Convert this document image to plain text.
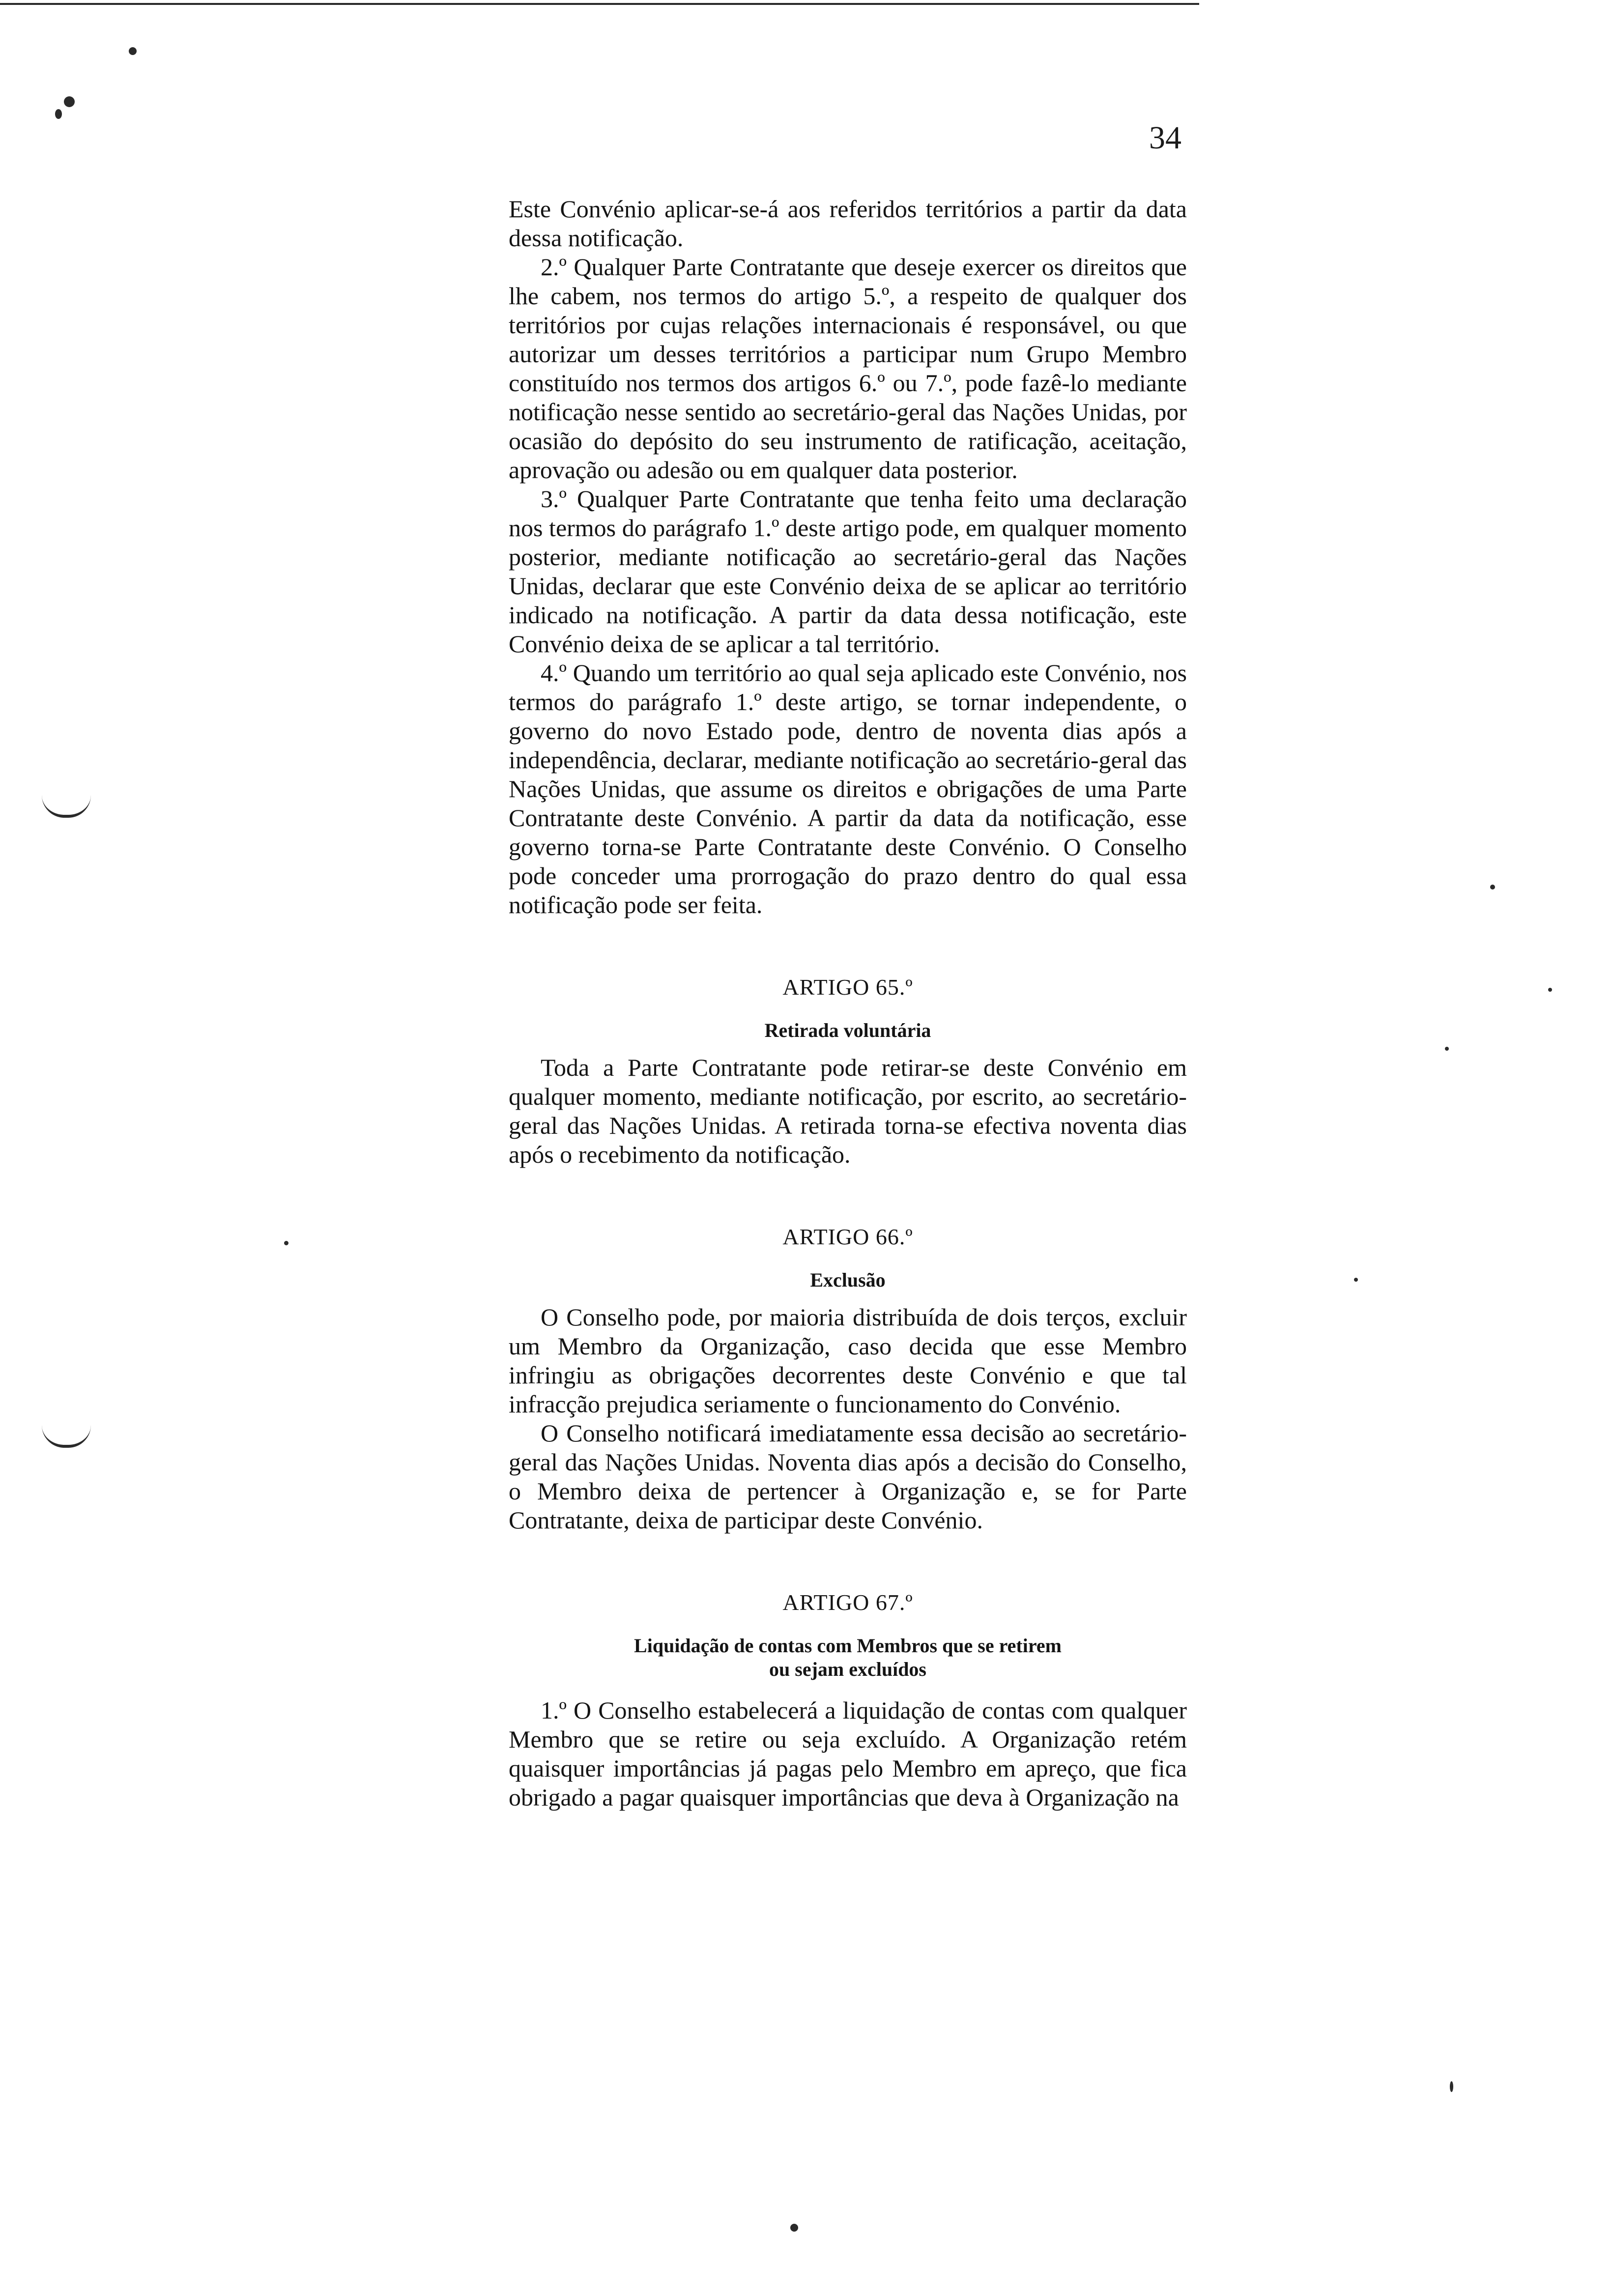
34

Este Convénio aplicar-se-á aos referidos territórios a partir da data dessa notificação.

2.º Qualquer Parte Contratante que deseje exercer os direitos que lhe cabem, nos termos do artigo 5.º, a respeito de qualquer dos territórios por cujas relações internacionais é responsável, ou que autorizar um desses territórios a participar num Grupo Membro constituído nos termos dos artigos 6.º ou 7.º, pode fazê-lo mediante notificação nesse sentido ao secretário-geral das Nações Unidas, por ocasião do depósito do seu instrumento de ratificação, aceitação, aprovação ou adesão ou em qualquer data posterior.

3.º Qualquer Parte Contratante que tenha feito uma declaração nos termos do parágrafo 1.º deste artigo pode, em qualquer momento posterior, mediante notificação ao secretário-geral das Nações Unidas, declarar que este Convénio deixa de se aplicar ao território indicado na notificação. A partir da data dessa notificação, este Convénio deixa de se aplicar a tal território.

4.º Quando um território ao qual seja aplicado este Convénio, nos termos do parágrafo 1.º deste artigo, se tornar independente, o governo do novo Estado pode, dentro de noventa dias após a independência, declarar, mediante notificação ao secretário-geral das Nações Unidas, que assume os direitos e obrigações de uma Parte Contratante deste Convénio. A partir da data da notificação, esse governo torna-se Parte Contratante deste Convénio. O Conselho pode conceder uma prorrogação do prazo dentro do qual essa notificação pode ser feita.

ARTIGO 65.º
Retirada voluntária

Toda a Parte Contratante pode retirar-se deste Convénio em qualquer momento, mediante notificação, por escrito, ao secretário-geral das Nações Unidas. A retirada torna-se efectiva noventa dias após o recebimento da notificação.

ARTIGO 66.º
Exclusão

O Conselho pode, por maioria distribuída de dois terços, excluir um Membro da Organização, caso decida que esse Membro infringiu as obrigações decorrentes deste Convénio e que tal infracção prejudica seriamente o funcionamento do Convénio.

O Conselho notificará imediatamente essa decisão ao secretário-geral das Nações Unidas. Noventa dias após a decisão do Conselho, o Membro deixa de pertencer à Organização e, se for Parte Contratante, deixa de participar deste Convénio.

ARTIGO 67.º
Liquidação de contas com Membros que se retirem
ou sejam excluídos

1.º O Conselho estabelecerá a liquidação de contas com qualquer Membro que se retire ou seja excluído. A Organização retém quaisquer importâncias já pagas pelo Membro em apreço, que fica obrigado a pagar quaisquer importâncias que deva à Organização na
